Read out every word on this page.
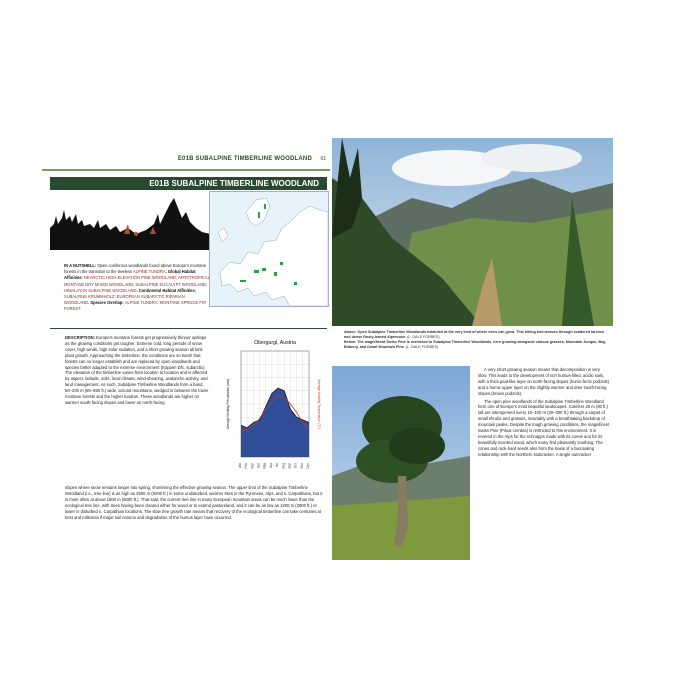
E01B SUBALPINE TIMBERLINE WOODLAND 61
E01B SUBALPINE TIMBERLINE WOODLAND
IN A NUTSHELL: Open coniferous woodlands found above Europe’s montane forests in the transition to the treeless ALPINE TUNDRA. Global Habitat Affinities: NEARCTIC HIGH-ELEVATION PINE WOODLAND; AFROTROPICAL MONTANE DRY MIXED WOODLAND; SUBALPINE EUCALYPT WOODLAND; HIMALAYAN SUBALPINE WOODLAND. Continental Habitat Affinities: SUBALPINE KRUMMHOLZ; EUROPEAN SUBARCTIC RIPARIAN WOODLAND. Species Overlap: ALPINE TUNDRA; MONTANE SPRUCE-FIR FOREST.

DESCRIPTION: Europe’s montane forests get progressively thinner upslope as the growing conditions get tougher. Extreme cold, long periods of snow cover, high winds, high solar radiation, and a short growing season all limit plant growth. Approaching the timberline, the conditions are so harsh that forests can no longer establish and are replaced by open woodlands and species better adapted to the extreme environment (Köppen Dfc, subarctic). The elevation of the timberline varies from location to location and is affected by aspect, latitude, soils, local climate, wind-shearing, avalanche activity, and land management. As such, Subalpine Timberline Woodlands form a band, 50–200 m (80–650 ft.) wide, around mountains, wedged in between the lower montane forests and the higher tundras. These woodlands are higher on warmer south-facing slopes and lower on north-facing

Obergurgl, Austria
Average Monthly Precipitation (mm)	Average Monthly Temperature (°C)
Jan Feb Mar Apr May Jun Jul Aug Sep Oct Nov Dec
slopes where snow remains longer into spring, shortening the effective growing season. The upper limit of the Subalpine Timberline Woodland (i.e., tree line) is as high as 2500 m (8200 ft.) in some undisturbed, warmer sites in the Pyrenees, Alps, and s. Carpathians, but it is more often at about 1800 m (6000 ft.). That said, the current tree line in many European mountain areas can be much lower than the ecological tree line, with trees having been cleared either for wood or to extend pastureland, and it can be as low as 1200 m (3900 ft.) or lower in disturbed n. Carpathian locations. The slow tree growth rate means that recovery of the ecological timberline can take centuries at best and millennia if major soil erosion and degradation of the humus layer have occurred.
Above: Open Subalpine Timberline Woodlands establish at the very limit of where trees can grow. This hiking trail weaves through scattered larches and dense Rusty-leaved Alpenrose. (L. DALE FORBES)
Below: The magnificent Swiss Pine is restricted to Subalpine Timberline Woodlands, here growing alongside various grasses, Mountain Juniper, Bog Bilberry, and Dwarf Mountain Pine. (L. DALE FORBES)

A very short growing season means that decomposition is very slow. This leads to the development of rich humus-filled, acidic soils, with a thick peat-like layer on north-facing slopes (humo-ferric podzols) and a humic upper layer on the slightly warmer and drier south-facing slopes (brown podzols).

The open pine woodlands of the Subalpine Timberline Woodland form one of Europe’s most beautiful landscapes. Conifers 25 m (80 ft.) tall are interspersed every 10–100 m (30–300 ft.) through a carpet of small shrubs and grasses, invariably with a breathtaking backdrop of mountain peaks. Despite the tough growing conditions, the magnificent Swiss Pine (Pinus cembra) is restricted to this environment. It is revered in the Alps for the schnapps made with its cones and for its beautifully scented wood, which many find pleasantly soothing. The cones and rock-hard seeds also form the basis of a fascinating relationship with the Northern Nutcracker. A single nutcracker
